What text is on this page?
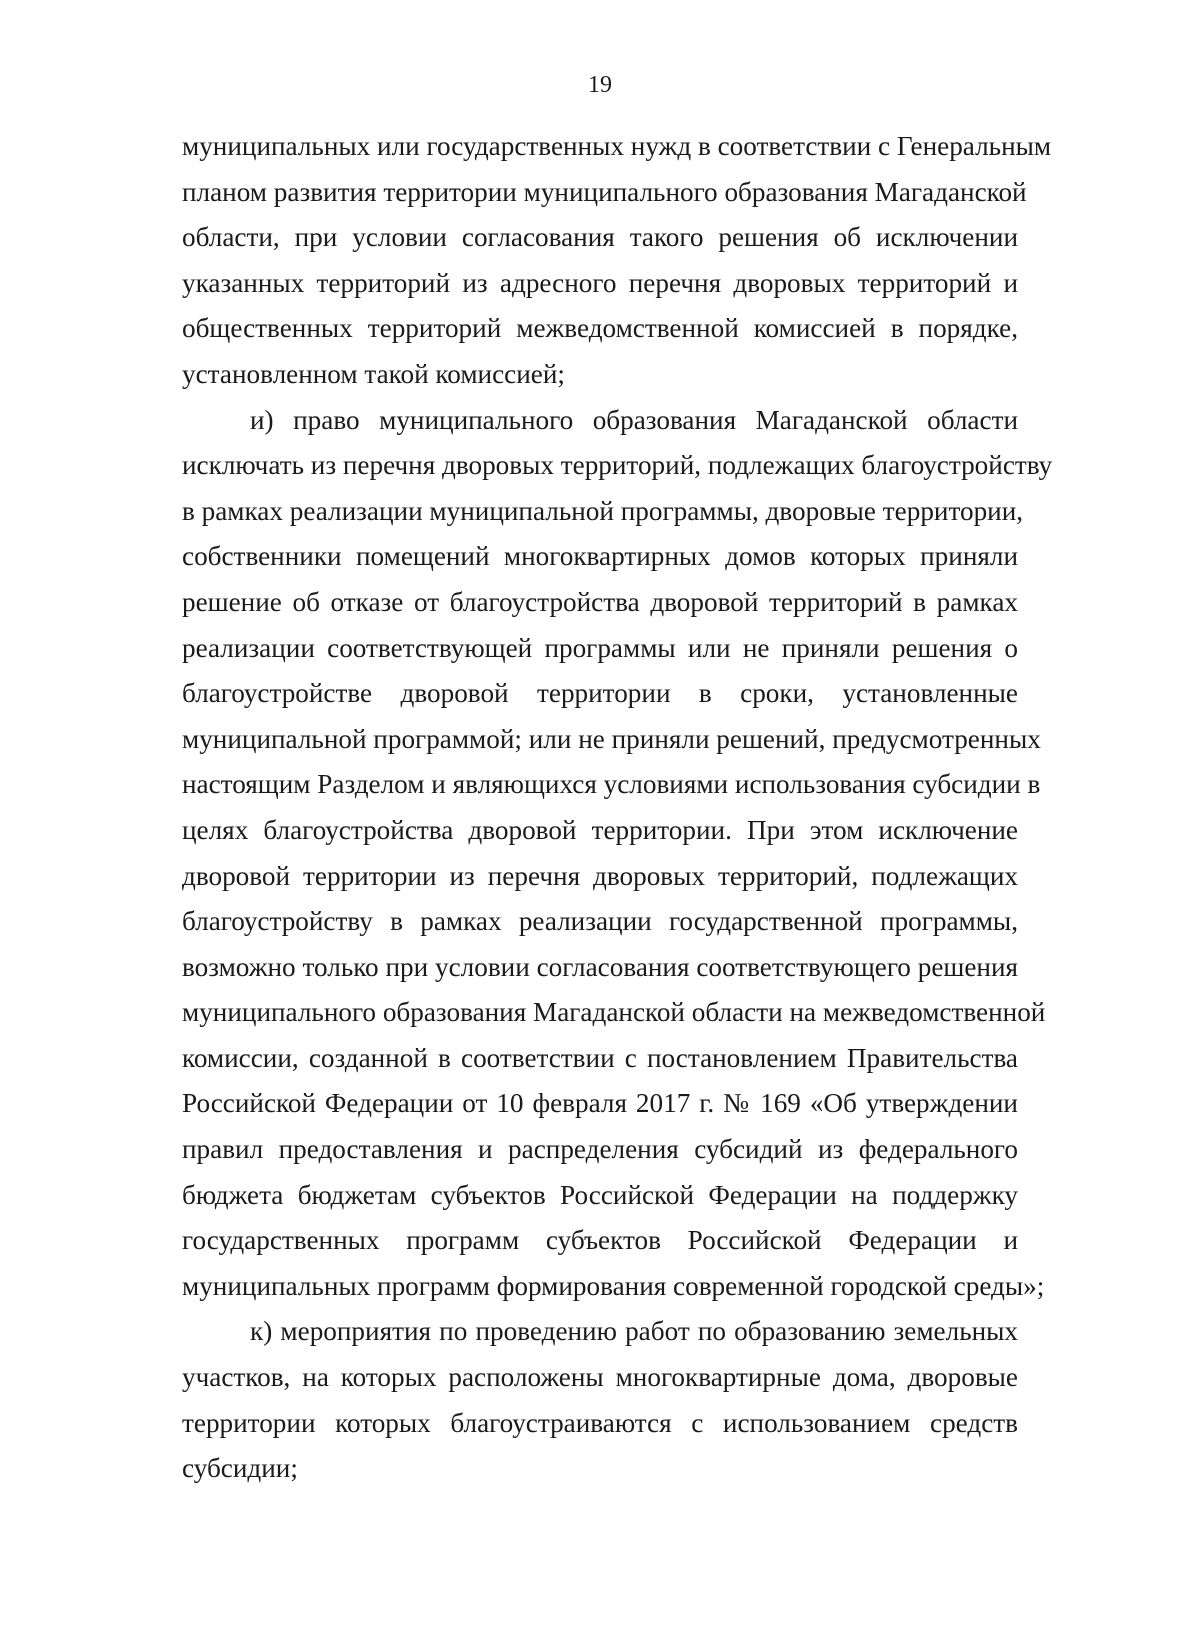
19

муниципальных или государственных нужд в соответствии с Генеральным
планом развития территории муниципального образования Магаданской
области, при условии согласования такого решения об исключении
указанных территорий из адресного перечня дворовых территорий и
общественных территорий межведомственной комиссией в порядке,
установленном такой комиссией;

и) право муниципального образования Магаданской области
исключать из перечня дворовых территорий, подлежащих благоустройству
в рамках реализации муниципальной программы, дворовые территории,
собственники помещений многоквартирных домов которых приняли
решение об отказе от благоустройства дворовой территорий в рамках
реализации соответствующей программы или не приняли решения о
благоустройстве дворовой территории в сроки, установленные
муниципальной программой; или не приняли решений, предусмотренных
настоящим Разделом и являющихся условиями использования субсидии в
целях благоустройства дворовой территории. При этом исключение
дворовой территории из перечня дворовых территорий, подлежащих
благоустройству в рамках реализации государственной программы,
возможно только при условии согласования соответствующего решения
муниципального образования Магаданской области на межведомственной
комиссии, созданной в соответствии с постановлением Правительства
Российской Федерации от 10 февраля 2017 г. № 169 «Об утверждении
правил предоставления и распределения субсидий из федерального
бюджета бюджетам субъектов Российской Федерации на поддержку
государственных программ субъектов Российской Федерации и
муниципальных программ формирования современной городской среды»;

к) мероприятия по проведению работ по образованию земельных
участков, на которых расположены многоквартирные дома, дворовые
территории которых благоустраиваются с использованием средств
субсидии;
